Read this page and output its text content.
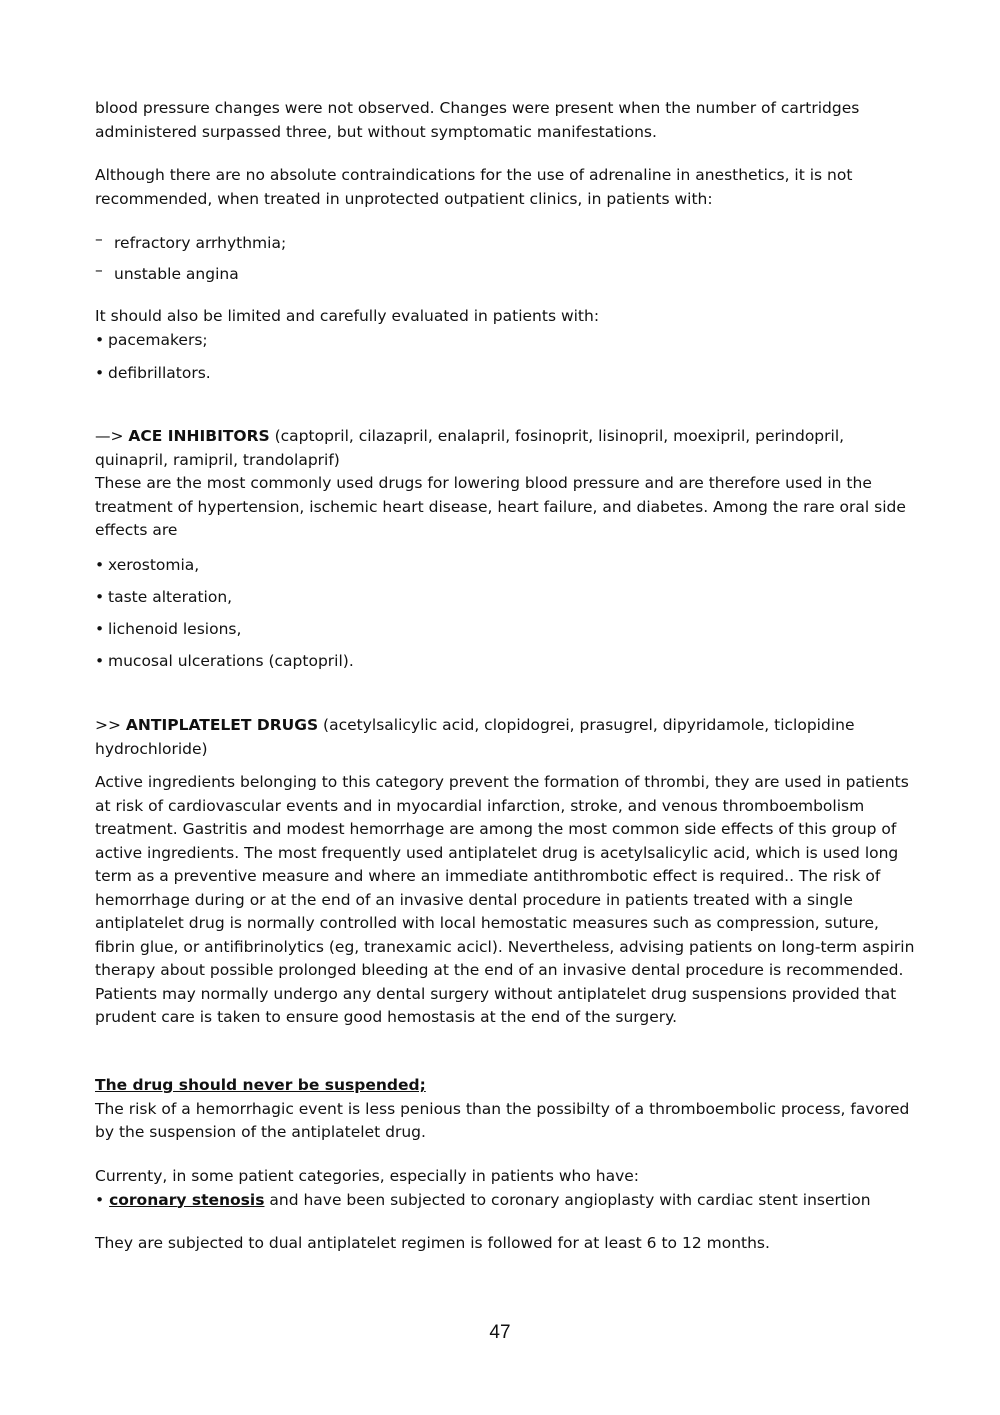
blood pressure changes were not observed. Changes were present when the number of cartridges administered surpassed three, but without symptomatic manifestations.

Although there are no absolute contraindications for the use of adrenaline in anesthetics, it is not recommended, when treated in unprotected outpatient clinics, in patients with:

– refractory arrhythmia;
– unstable angina

It should also be limited and carefully evaluated in patients with:

• pacemakers;
• defibrillators.

—> ACE INHIBITORS (captopril, cilazapril, enalapril, fosinoprit, lisinopril, moexipril, perindopril, quinapril, ramipril, trandolaprif)
These are the most commonly used drugs for lowering blood pressure and are therefore used in the treatment of hypertension, ischemic heart disease, heart failure, and diabetes. Among the rare oral side effects are

• xerostomia,
• taste alteration,
• lichenoid lesions,
• mucosal ulcerations (captopril).

>> ANTIPLATELET DRUGS (acetylsalicylic acid, clopidogrei, prasugrel, dipyridamole, ticlopidine hydrochloride)

Active ingredients belonging to this category prevent the formation of thrombi, they are used in patients at risk of cardiovascular events and in myocardial infarction, stroke, and venous thromboembolism treatment. Gastritis and modest hemorrhage are among the most common side effects of this group of active ingredients. The most frequently used antiplatelet drug is acetylsalicylic acid, which is used long term as a preventive measure and where an immediate antithrombotic effect is required.. The risk of hemorrhage during or at the end of an invasive dental procedure in patients treated with a single antiplatelet drug is normally controlled with local hemostatic measures such as compression, suture, fibrin glue, or antifibrinolytics (eg, tranexamic acicl). Nevertheless, advising patients on long-term aspirin therapy about possible prolonged bleeding at the end of an invasive dental procedure is recommended. Patients may normally undergo any dental surgery without antiplatelet drug suspensions provided that prudent care is taken to ensure good hemostasis at the end of the surgery.

The drug should never be suspended;
The risk of a hemorrhagic event is less penious than the possibilty of a thromboembolic process, favored by the suspension of the antiplatelet drug.

Currenty, in some patient categories, especially in patients who have:
• coronary stenosis and have been subjected to coronary angioplasty with cardiac stent insertion

They are subjected to dual antiplatelet regimen is followed for at least 6 to 12 months.

47
